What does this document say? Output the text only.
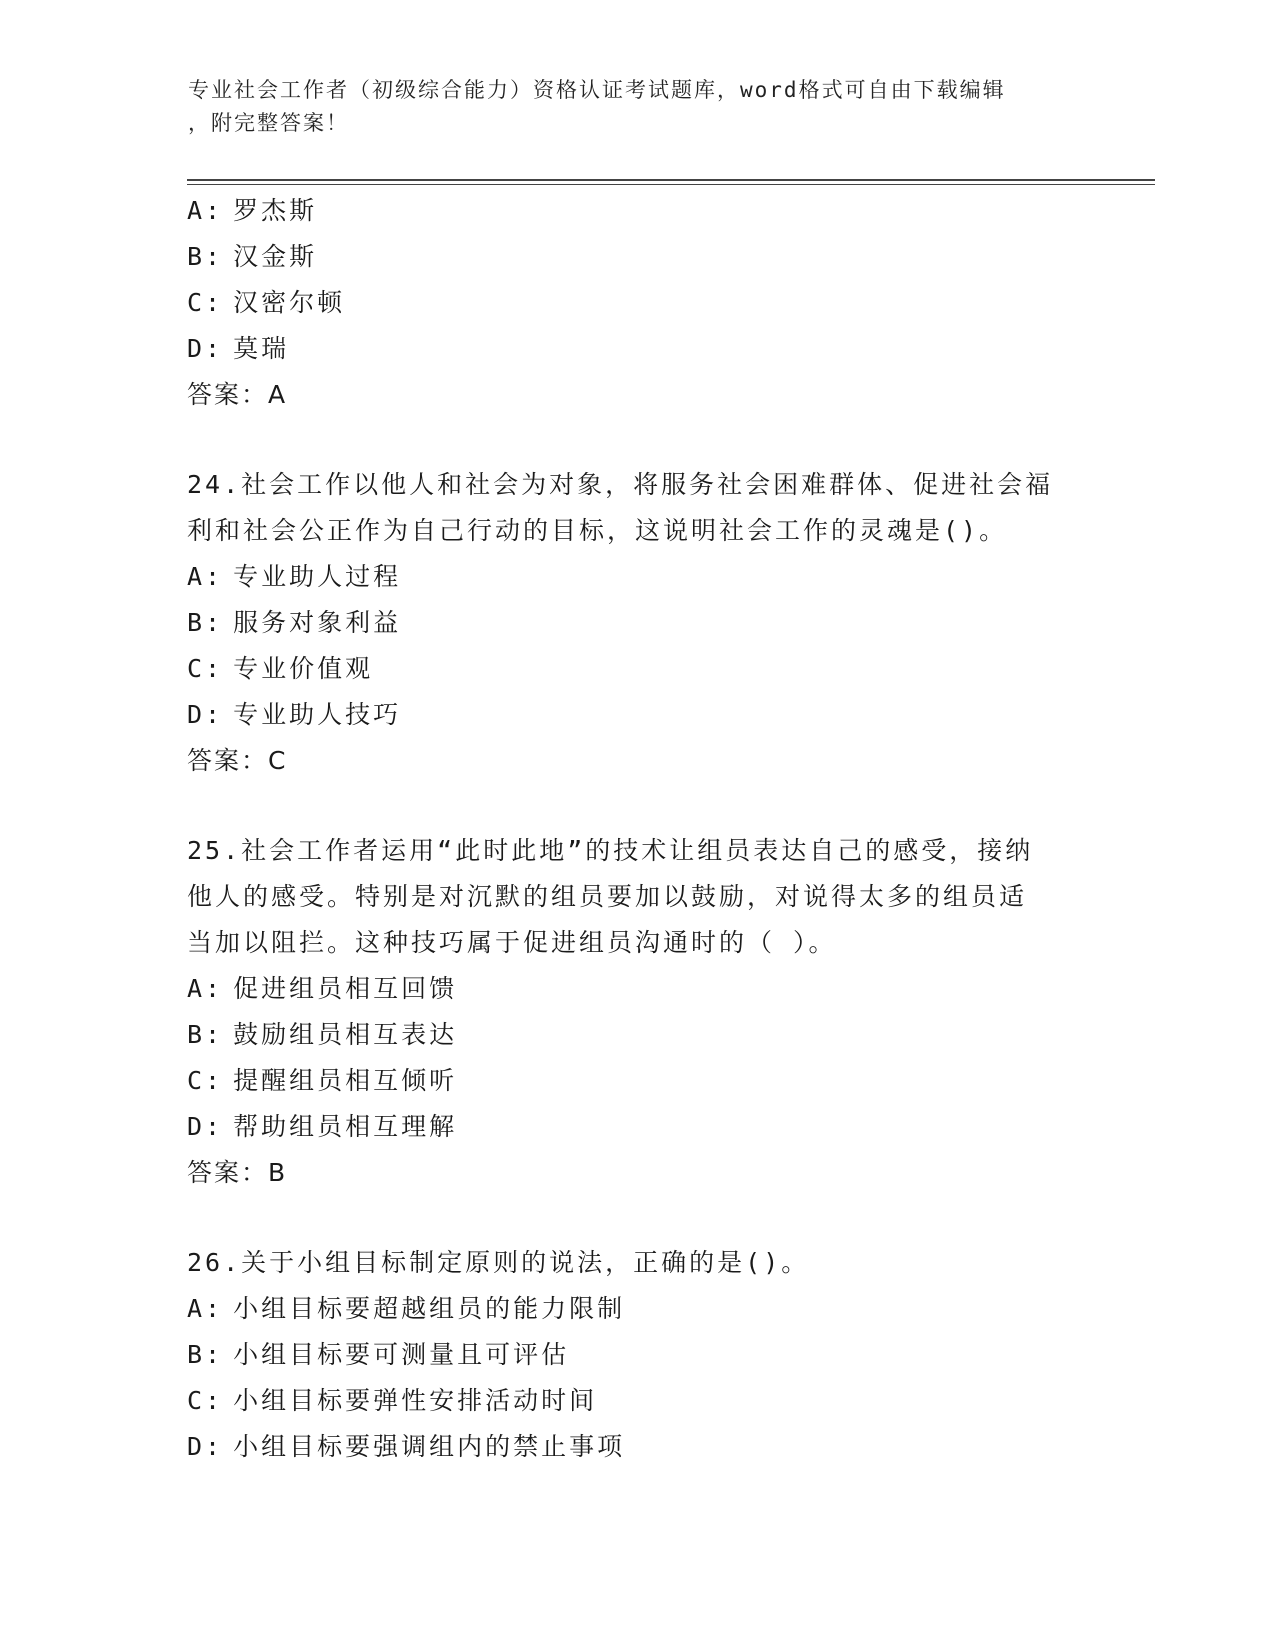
专业社会工作者（初级综合能力）资格认证考试题库，word格式可自由下载编辑

，附完整答案！

A: 罗杰斯
B: 汉金斯
C: 汉密尔顿
D: 莫瑞
答案：A
24.社会工作以他人和社会为对象，将服务社会困难群体、促进社会福
利和社会公正作为自己行动的目标，这说明社会工作的灵魂是()。
A: 专业助人过程
B: 服务对象利益
C: 专业价值观
D: 专业助人技巧
答案：C
25.社会工作者运用“此时此地”的技术让组员表达自己的感受，接纳
他人的感受。特别是对沉默的组员要加以鼓励，对说得太多的组员适
当加以阻拦。这种技巧属于促进组员沟通时的（ ）。
A: 促进组员相互回馈
B: 鼓励组员相互表达
C: 提醒组员相互倾听
D: 帮助组员相互理解
答案：B
26.关于小组目标制定原则的说法，正确的是()。
A: 小组目标要超越组员的能力限制
B: 小组目标要可测量且可评估
C: 小组目标要弹性安排活动时间
D: 小组目标要强调组内的禁止事项
